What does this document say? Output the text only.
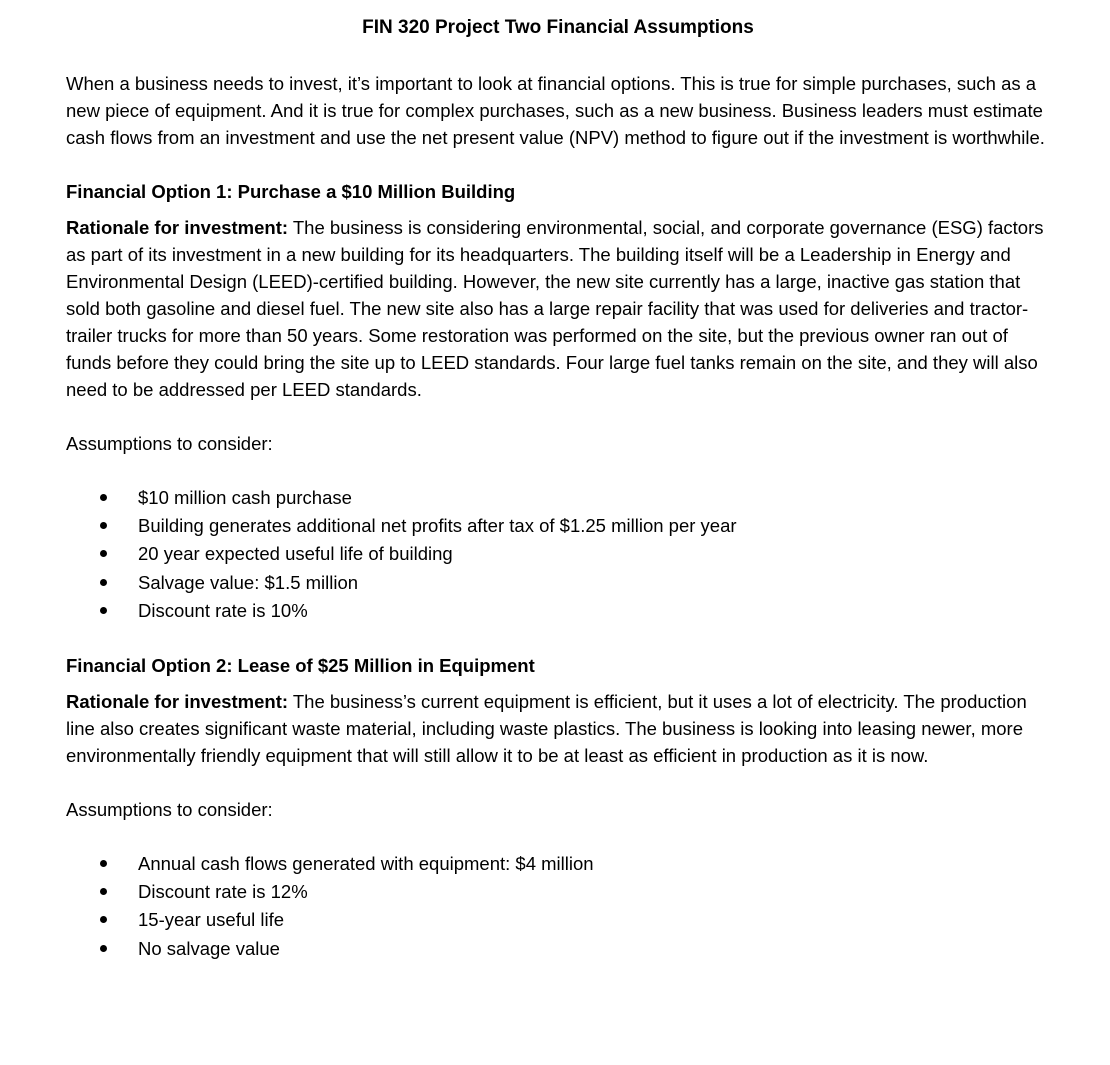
FIN 320 Project Two Financial Assumptions

When a business needs to invest, it’s important to look at financial options. This is true for simple purchases, such as a new piece of equipment. And it is true for complex purchases, such as a new business. Business leaders must estimate cash flows from an investment and use the net present value (NPV) method to figure out if the investment is worthwhile.

Financial Option 1: Purchase a $10 Million Building

Rationale for investment: The business is considering environmental, social, and corporate governance (ESG) factors as part of its investment in a new building for its headquarters. The building itself will be a Leadership in Energy and Environmental Design (LEED)-certified building. However, the new site currently has a large, inactive gas station that sold both gasoline and diesel fuel. The new site also has a large repair facility that was used for deliveries and tractor-trailer trucks for more than 50 years. Some restoration was performed on the site, but the previous owner ran out of funds before they could bring the site up to LEED standards. Four large fuel tanks remain on the site, and they will also need to be addressed per LEED standards.

Assumptions to consider:

$10 million cash purchase
Building generates additional net profits after tax of $1.25 million per year
20 year expected useful life of building
Salvage value: $1.5 million
Discount rate is 10%
Financial Option 2: Lease of $25 Million in Equipment

Rationale for investment: The business’s current equipment is efficient, but it uses a lot of electricity. The production line also creates significant waste material, including waste plastics. The business is looking into leasing newer, more environmentally friendly equipment that will still allow it to be at least as efficient in production as it is now.

Assumptions to consider:

Annual cash flows generated with equipment: $4 million
Discount rate is 12%
15-year useful life
No salvage value
